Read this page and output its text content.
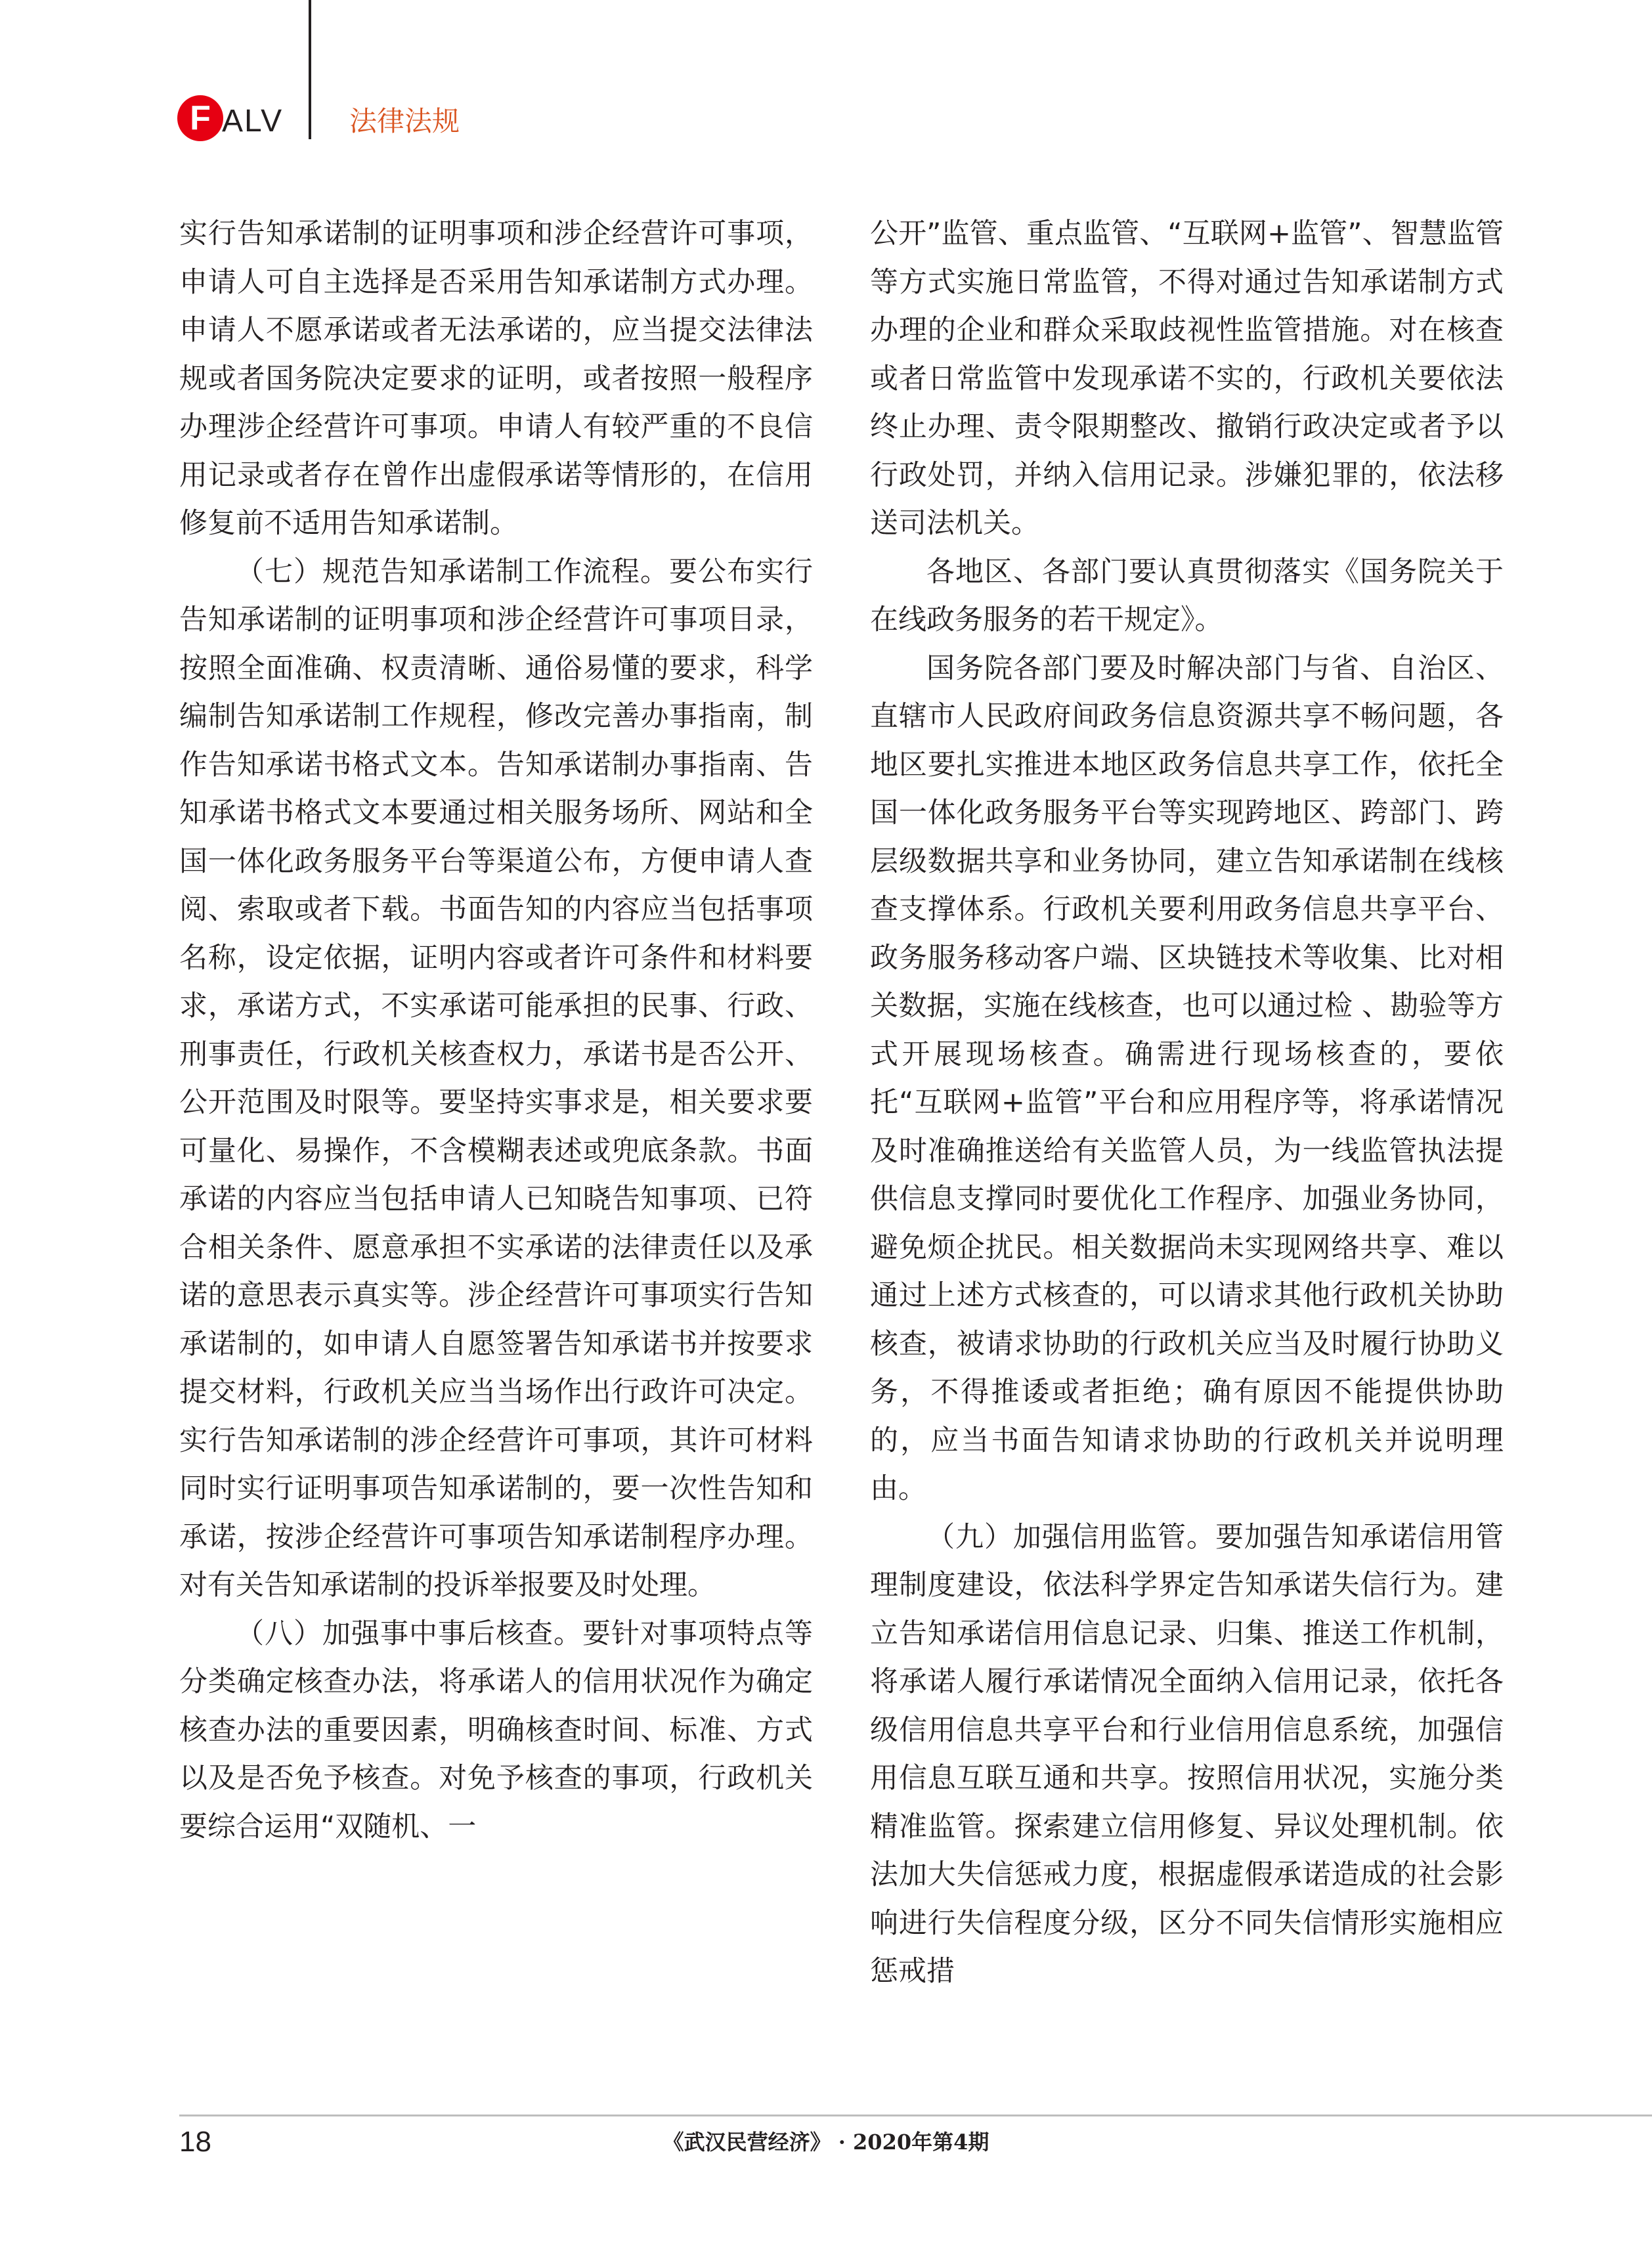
F ALV 法律法规

实行告知承诺制的证明事项和涉企经营许可事项，申请人可自主选择是否采用告知承诺制方式办理。申请人不愿承诺或者无法承诺的，应当提交法律法规或者国务院决定要求的证明，或者按照一般程序办理涉企经营许可事项。申请人有较严重的不良信用记录或者存在曾作出虚假承诺等情形的，在信用修复前不适用告知承诺制。

（七）规范告知承诺制工作流程。要公布实行告知承诺制的证明事项和涉企经营许可事项目录，按照全面准确、权责清晰、通俗易懂的要求，科学编制告知承诺制工作规程，修改完善办事指南，制作告知承诺书格式文本。告知承诺制办事指南、告知承诺书格式文本要通过相关服务场所、网站和全国一体化政务服务平台等渠道公布，方便申请人查阅、索取或者下载。书面告知的内容应当包括事项名称，设定依据，证明内容或者许可条件和材料要求，承诺方式，不实承诺可能承担的民事、行政、刑事责任，行政机关核查权力，承诺书是否公开、公开范围及时限等。要坚持实事求是，相关要求要可量化、易操作，不含模糊表述或兜底条款。书面承诺的内容应当包括申请人已知晓告知事项、已符合相关条件、愿意承担不实承诺的法律责任以及承诺的意思表示真实等。涉企经营许可事项实行告知承诺制的，如申请人自愿签署告知承诺书并按要求提交材料，行政机关应当当场作出行政许可决定。实行告知承诺制的涉企经营许可事项，其许可材料同时实行证明事项告知承诺制的，要一次性告知和承诺，按涉企经营许可事项告知承诺制程序办理。对有关告知承诺制的投诉举报要及时处理。

（八）加强事中事后核查。要针对事项特点等分类确定核查办法，将承诺人的信用状况作为确定核查办法的重要因素，明确核查时间、标准、方式以及是否免予核查。对免予核查的事项，行政机关要综合运用“双随机、一

公开”监管、重点监管、“互联网+监管”、智慧监管等方式实施日常监管，不得对通过告知承诺制方式办理的企业和群众采取歧视性监管措施。对在核查或者日常监管中发现承诺不实的，行政机关要依法终止办理、责令限期整改、撤销行政决定或者予以行政处罚，并纳入信用记录。涉嫌犯罪的，依法移送司法机关。

各地区、各部门要认真贯彻落实《国务院关于在线政务服务的若干规定》。

国务院各部门要及时解决部门与省、自治区、直辖市人民政府间政务信息资源共享不畅问题，各地区要扎实推进本地区政务信息共享工作，依托全国一体化政务服务平台等实现跨地区、跨部门、跨层级数据共享和业务协同，建立告知承诺制在线核查支撑体系。行政机关要利用政务信息共享平台、政务服务移动客户端、区块链技术等收集、比对相关数据，实施在线核查，也可以通过检 、勘验等方式开展现场核查。确需进行现场核查的，要依托“互联网+监管”平台和应用程序等，将承诺情况及时准确推送给有关监管人员，为一线监管执法提供信息支撑同时要优化工作程序、加强业务协同，避免烦企扰民。相关数据尚未实现网络共享、难以通过上述方式核查的，可以请求其他行政机关协助核查，被请求协助的行政机关应当及时履行协助义务，不得推诿或者拒绝；确有原因不能提供协助的，应当书面告知请求协助的行政机关并说明理由。

（九）加强信用监管。要加强告知承诺信用管理制度建设，依法科学界定告知承诺失信行为。建立告知承诺信用信息记录、归集、推送工作机制，将承诺人履行承诺情况全面纳入信用记录，依托各级信用信息共享平台和行业信用信息系统，加强信用信息互联互通和共享。按照信用状况，实施分类精准监管。探索建立信用修复、异议处理机制。依法加大失信惩戒力度，根据虚假承诺造成的社会影响进行失信程度分级，区分不同失信情形实施相应惩戒措

18	《武汉民营经济》 · 2020年第4期
